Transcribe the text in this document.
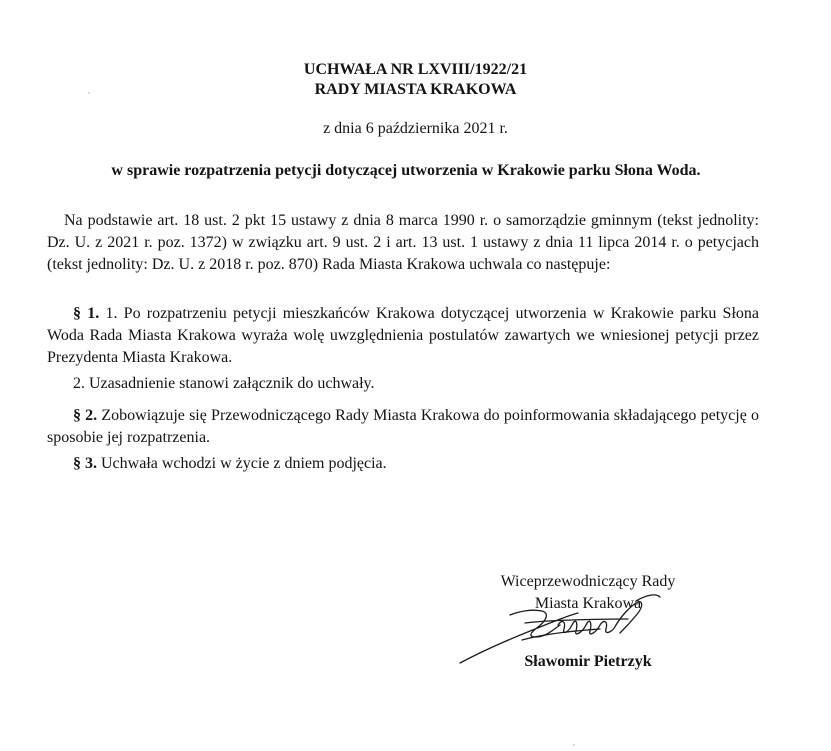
UCHWAŁA NR LXVIII/1922/21
RADY MIASTA KRAKOWA
z dnia 6 października 2021 r.
w sprawie rozpatrzenia petycji dotyczącej utworzenia w Krakowie parku Słona Woda.
Na podstawie art. 18 ust. 2 pkt 15 ustawy z dnia 8 marca 1990 r. o samorządzie gminnym (tekst jednolity: Dz. U. z 2021 r. poz. 1372) w związku art. 9 ust. 2 i art. 13 ust. 1 ustawy z dnia 11 lipca 2014 r. o petycjach (tekst jednolity: Dz. U. z 2018 r. poz. 870) Rada Miasta Krakowa uchwala co następuje:
§ 1. 1. Po rozpatrzeniu petycji mieszkańców Krakowa dotyczącej utworzenia w Krakowie parku Słona Woda Rada Miasta Krakowa wyraża wolę uwzględnienia postulatów zawartych we wniesionej petycji przez Prezydenta Miasta Krakowa.
2. Uzasadnienie stanowi załącznik do uchwały.
§ 2. Zobowiązuje się Przewodniczącego Rady Miasta Krakowa do poinformowania składającego petycję o sposobie jej rozpatrzenia.
§ 3. Uchwała wchodzi w życie z dniem podjęcia.
Wiceprzewodniczący Rady
Miasta Krakowa
Sławomir Pietrzyk
